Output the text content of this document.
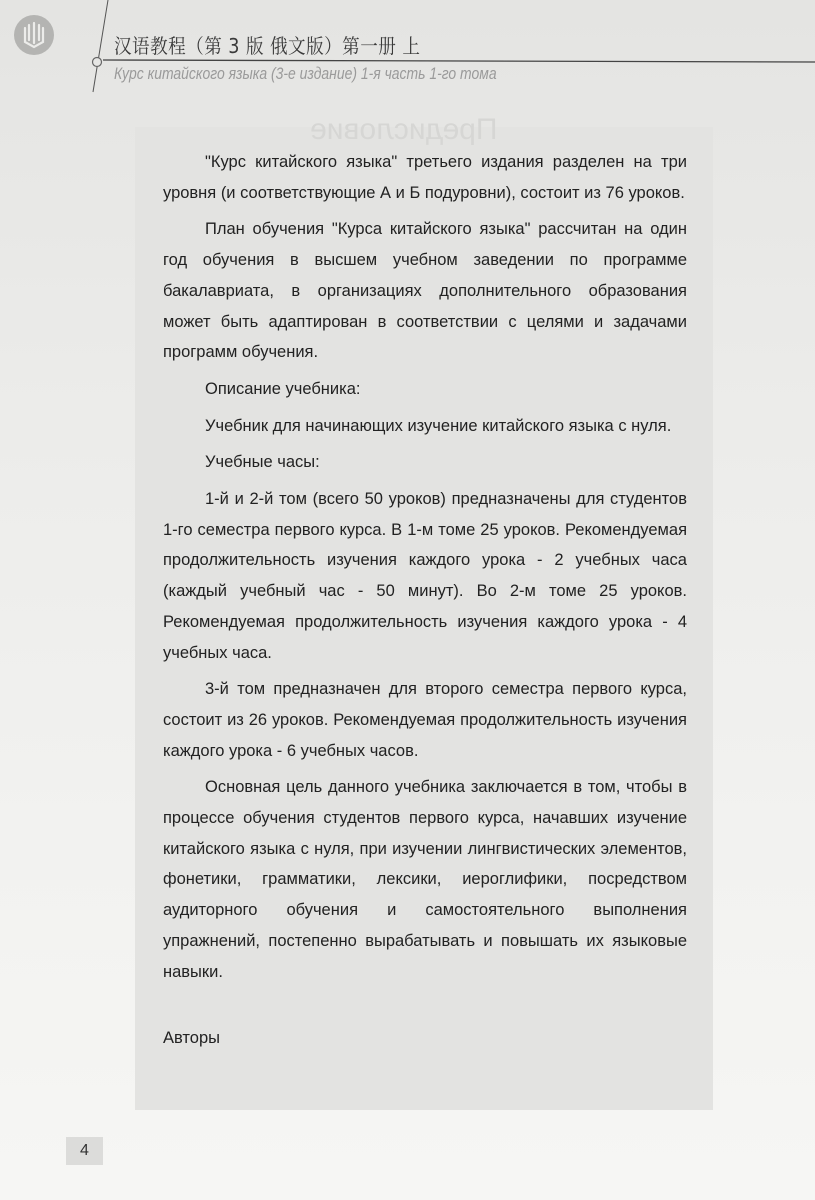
汉语教程（第 3 版 俄文版）第一册 上
Курс китайского языка (3-е издание) 1-я часть 1-го тома
Предисловие

"Курс китайского языка" третьего издания разделен на три уровня (и соответствующие А и Б подуровни), состоит из 76 уроков.

План обучения "Курса китайского языка" рассчитан на один год обучения в высшем учебном заведении по программе бакалавриата, в организациях дополнительного образования может быть адаптирован в соответствии с целями и задачами программ обучения.

Описание учебника:

Учебник для начинающих изучение китайского языка с нуля.

Учебные часы:

1-й и 2-й том (всего 50 уроков) предназначены для студентов 1-го семестра первого курса. В 1-м томе 25 уроков. Рекомендуемая продолжительность изучения каждого урока - 2 учебных часа (каждый учебный час - 50 минут). Во 2-м томе 25 уроков. Рекомендуемая продолжительность изучения каждого урока - 4 учебных часа.

3-й том предназначен для второго семестра первого курса, состоит из 26 уроков. Рекомендуемая продолжительность изучения каждого урока - 6 учебных часов.

Основная цель данного учебника заключается в том, чтобы в процессе обучения студентов первого курса, начавших изучение китайского языка с нуля, при изучении лингвистических элементов, фонетики, грамматики, лексики, иероглифики, посредством аудиторного обучения и самостоятельного выполнения упражнений, постепенно вырабатывать и повышать их языковые навыки.

Авторы

4
